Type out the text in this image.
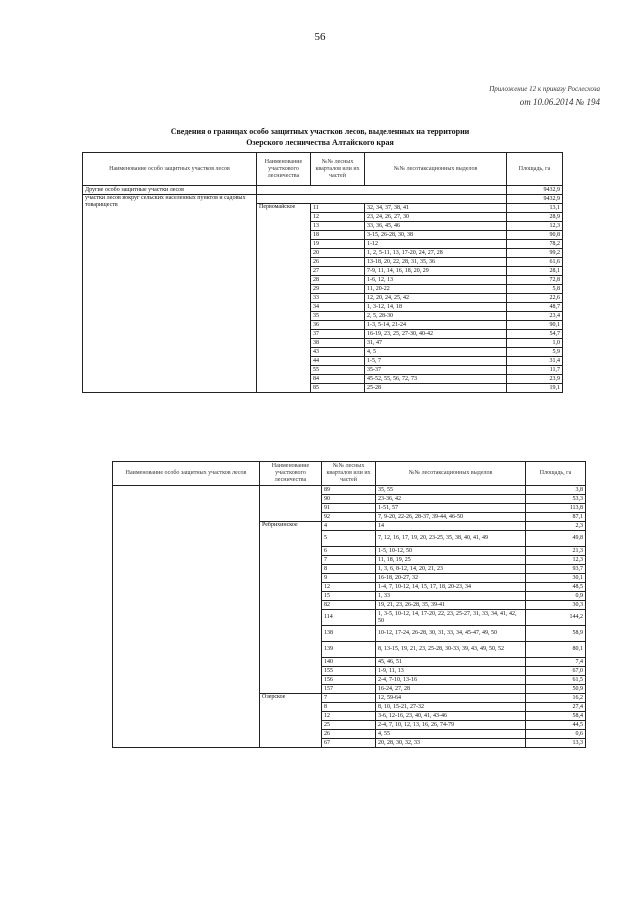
56
Приложение 12 к приказу Рослесхоза
от 10.06.2014 № 194
Сведения о границах особо защитных участков лесов, выделенных на территории
Озерского лесничества Алтайского края
Наименование особо защитных участков лесов	Наименование участкового лесничества	№№ лесных кварталов или их частей	№№ лесотаксационных выделов	Площадь, га
Другие особо защитные участки лесов				9432,9
участки лесов вокруг сельских населенных пунктов и садовых товариществ				9432,9
	Первомайское	11	32, 34, 37, 38, 41	13,1
		12	23, 24, 26, 27, 30	28,9
		13	33, 36, 45, 46	12,3
		18	3-15, 26-28, 30, 38	90,8
		19	1-12	78,2
		20	1, 2, 5-11, 13, 17-20, 24, 27, 28	99,2
		26	13-18, 20, 22, 28, 31, 35, 36	61,6
		27	7-9, 11, 14, 16, 18, 20, 29	28,1
		28	1-6, 12, 13	72,8
		29	11, 20-22	5,8
		33	12, 20, 24, 25, 42	22,6
		34	1, 3-12, 14, 18	48,7
		35	2, 5, 28-30	23,4
		36	1-3, 5-14, 21-24	90,1
		37	16-19, 23, 25, 27-30, 40-42	54,7
		38	31, 47	1,0
		43	4, 5	5,9
		44	1-5, 7	31,4
		55	35-37	11,7
		84	45-52, 55, 56, 72, 73	23,9
		85	25-28	19,1
Наименование особо защитных участков лесов	Наименование участкового лесничества	№№ лесных кварталов или их частей	№№ лесотаксационных выделов	Площадь, га
		89	35, 55	3,8
		90	23-36, 42	53,3
		91	1-51, 57	113,8
		92	7, 9-20, 22-26, 28-37, 39-44, 46-50	87,1
	Ребрихинское	4	14	2,3
		5	7, 12, 16, 17, 19, 20, 23-25, 35, 38, 40, 41, 49	49,8
		6	1-5, 10-12, 50	21,3
		7	11, 18, 19, 25	12,3
		8	1, 3, 6, 8-12, 14, 20, 21, 23	93,7
		9	16-18, 20-27, 32	30,1
		12	1-4, 7, 10-12, 14, 15, 17, 18, 20-23, 34	48,5
		15	1, 33	0,9
		82	19, 21, 23, 26-28, 35, 39-41	30,3
		114	1, 3-5, 10-12, 14, 17-20, 22, 23, 25-27, 31, 33, 34, 41, 42, 50	144,2
		138	10-12, 17-24, 26-28, 30, 31, 33, 34, 45-47, 49, 50	58,9
		139	8, 13-15, 19, 21, 23, 25-28, 30-33, 39, 43, 49, 50, 52	80,1
		140	45, 46, 51	7,4
		155	1-9, 11, 13	67,0
		156	2-4, 7-10, 13-16	61,5
		157	16-24, 27, 28	50,9
	Озерское	7	12, 59-64	16,2
		8	8, 10, 15-21, 27-32	27,4
		12	3-6, 12-16, 23, 40, 41, 43-46	58,4
		25	2-4, 7, 10, 12, 13, 16, 26, 74-79	44,5
		26	4, 55	0,6
		67	20, 28, 30, 32, 33	13,3
